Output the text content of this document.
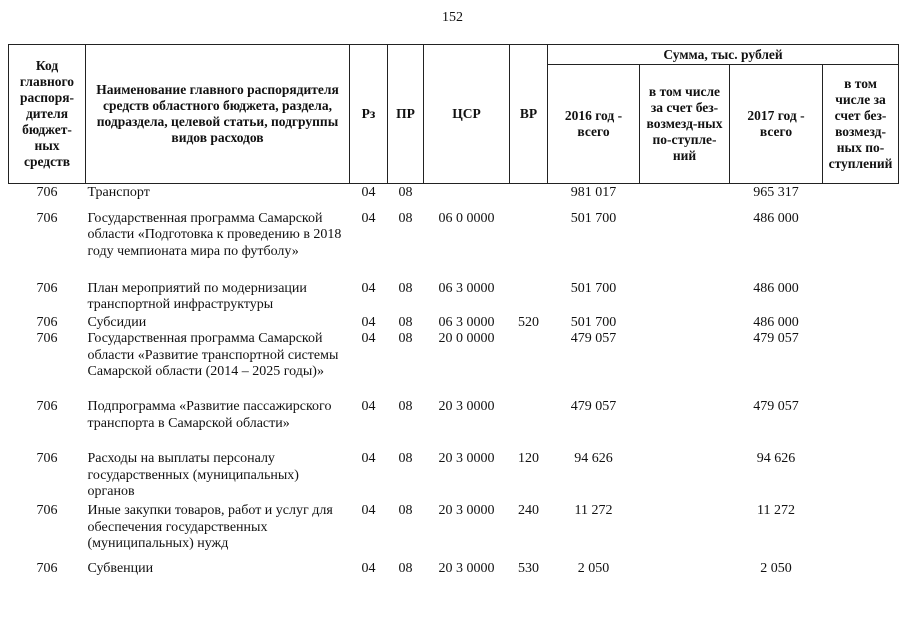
152
Код главного распоря-дителя бюджет-ных средств	Наименование главного распорядителя средств областного бюджета, раздела, подраздела, целевой статьи, подгруппы видов расходов	Рз	ПР	ЦСР	ВР	Сумма, тыс. рублей			
						2016 год - всего	в том числе за счет без-возмезд-ных по-ступле-ний	2017 год - всего	в том числе за счет без-возмезд-ных по-ступлений
706	Транспорт	04	08			981 017		965 317	
706	Государственная программа Самарской области «Подготовка к проведению в 2018 году чемпионата мира по футболу»	04	08	06 0 0000		501 700		486 000	
706	План мероприятий по модернизации транспортной инфраструктуры	04	08	06 3 0000		501 700		486 000	
706	Субсидии	04	08	06 3 0000	520	501 700		486 000	
706	Государственная программа Самарской области «Развитие транспортной системы Самарской области (2014 – 2025 годы)»	04	08	20 0 0000		479 057		479 057	
706	Подпрограмма «Развитие пассажирского транспорта в Самарской области»	04	08	20 3 0000		479 057		479 057	
706	Расходы на выплаты персоналу государственных (муниципальных) органов	04	08	20 3 0000	120	94 626		94 626	
706	Иные закупки товаров, работ и услуг для обеспечения государственных (муниципальных) нужд	04	08	20 3 0000	240	11 272		11 272	
706	Субвенции	04	08	20 3 0000	530	2 050		2 050	
